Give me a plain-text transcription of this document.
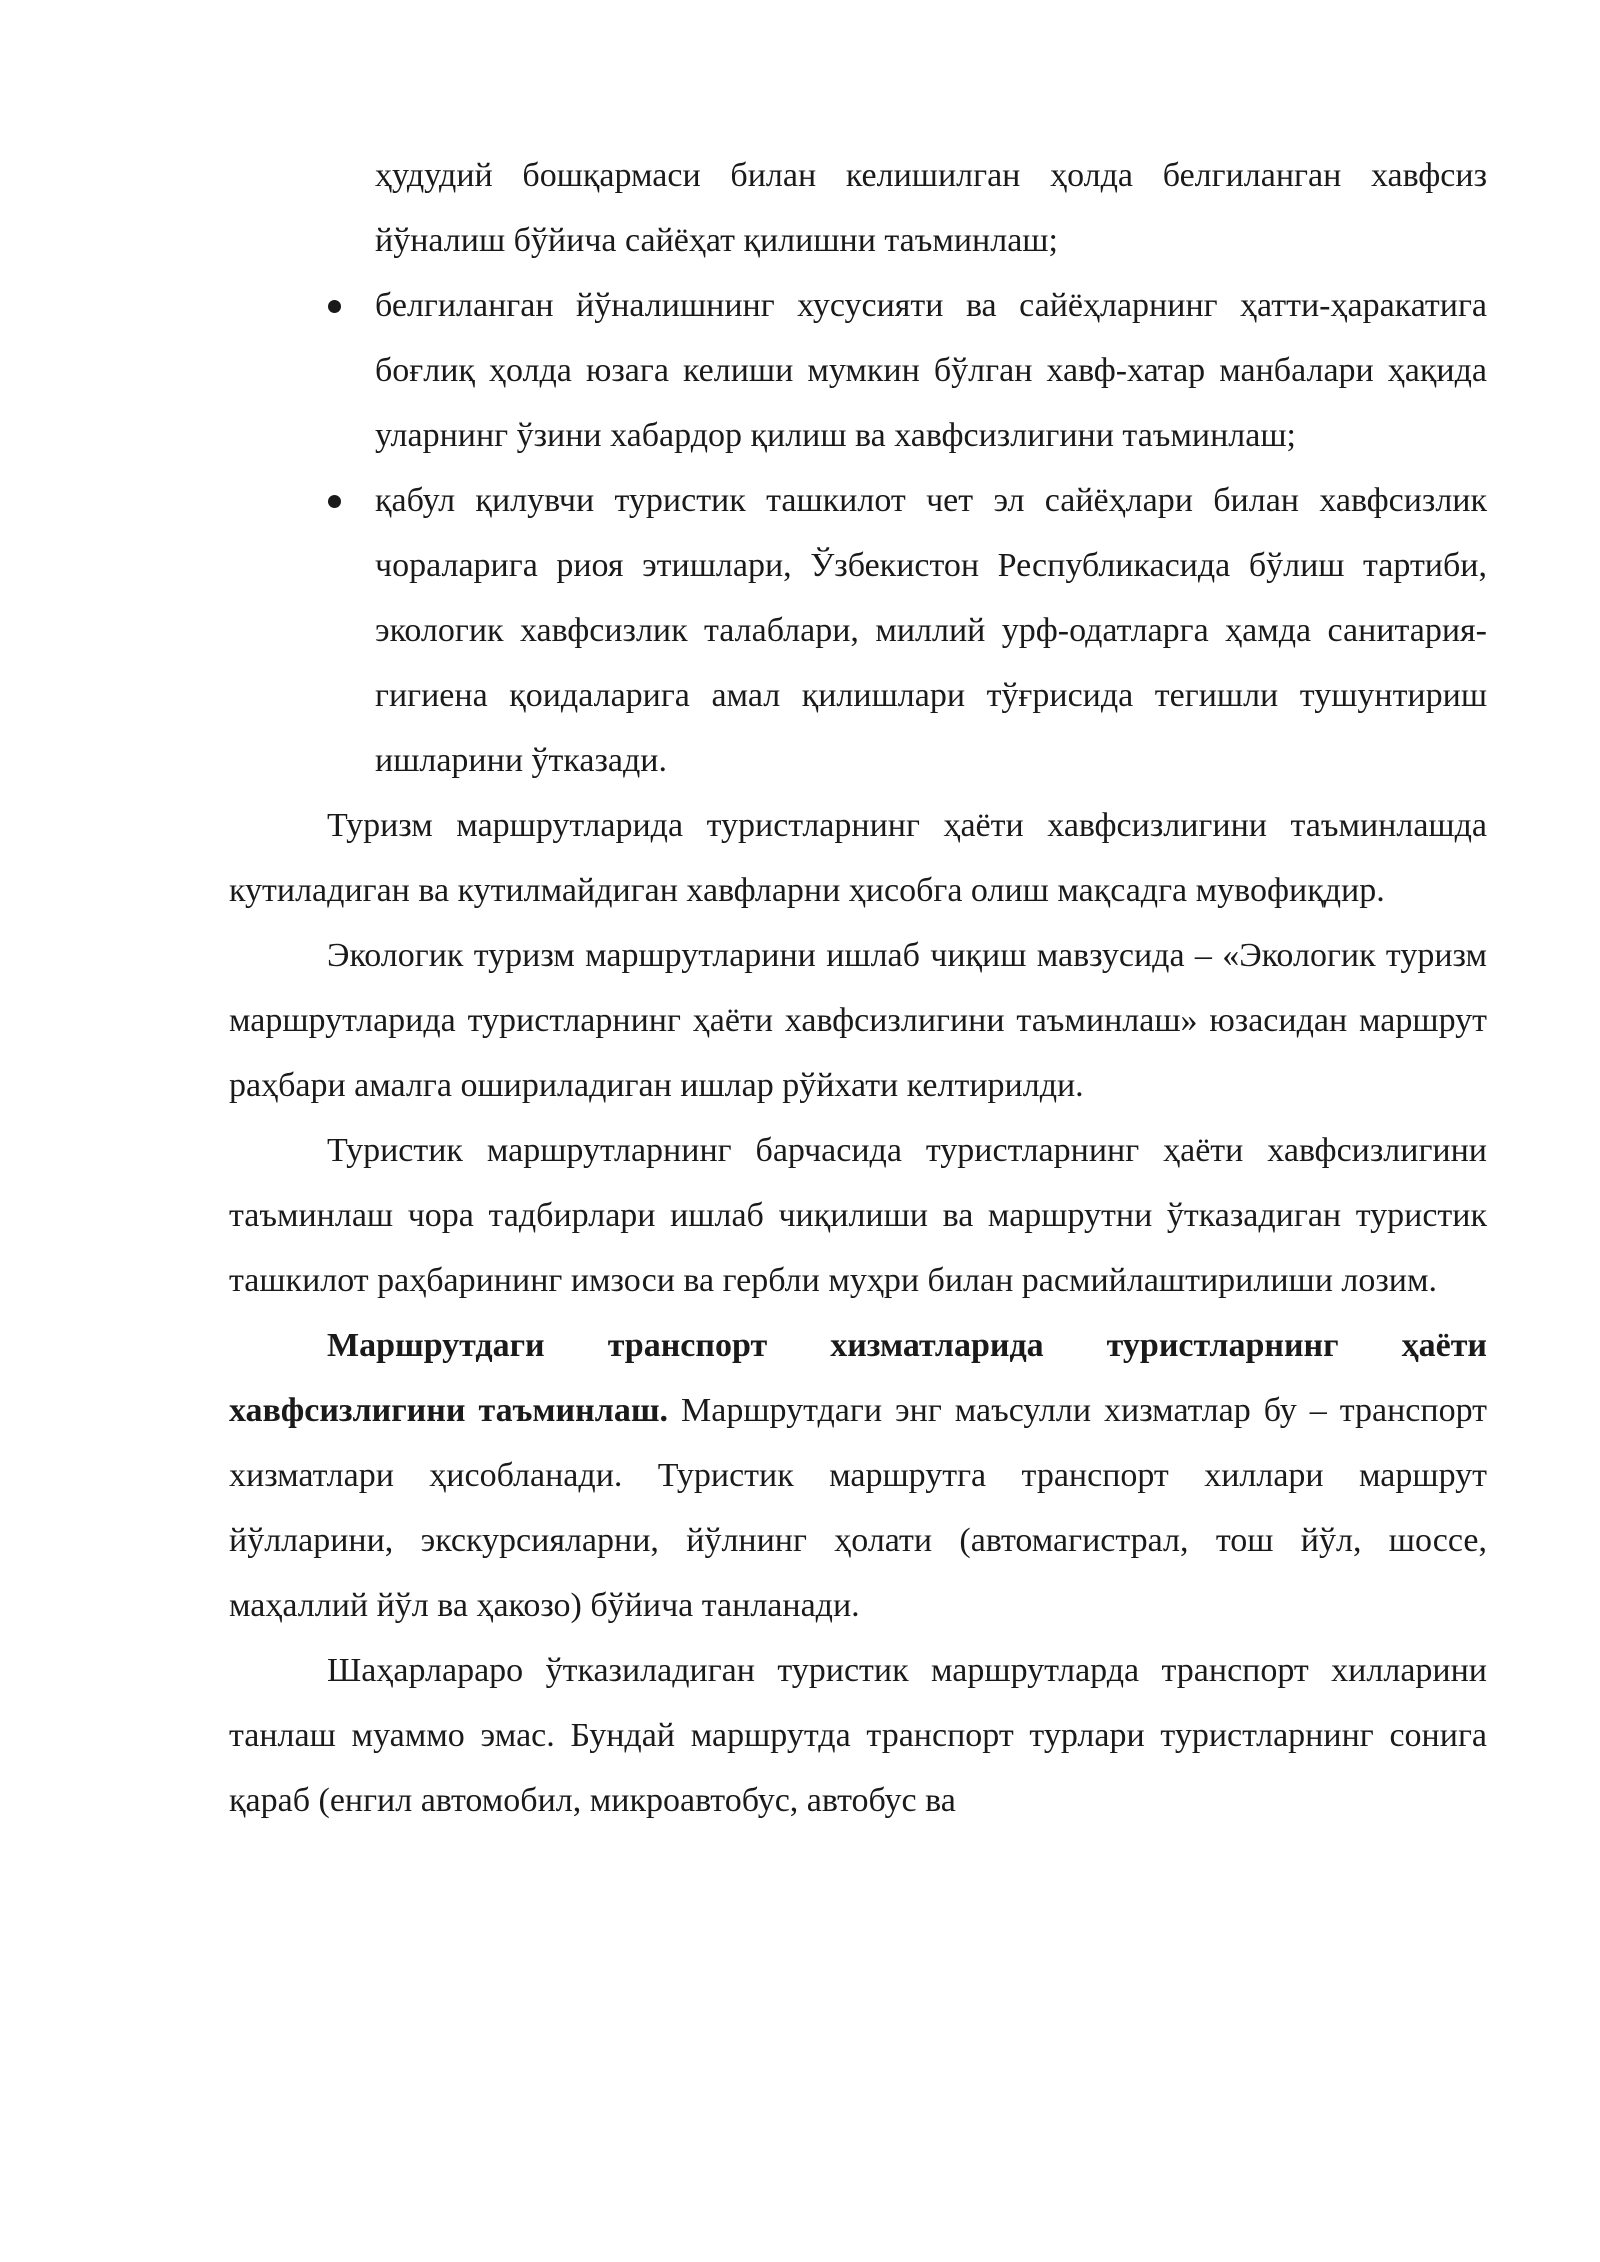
ҳудудий бошқармаси билан келишилган ҳолда белгиланган хавфсиз йўналиш бўйича сайёҳат қилишни таъминлаш;

белгиланган йўналишнинг хусусияти ва сайёҳларнинг ҳатти-ҳаракатига боғлиқ ҳолда юзага келиши мумкин бўлган хавф-хатар манбалари ҳақида уларнинг ўзини хабардор қилиш ва хавфсизлигини таъминлаш;
қабул қилувчи туристик ташкилот чет эл сайёҳлари билан хавфсизлик чораларига риоя этишлари, Ўзбекистон Республикасида бўлиш тартиби, экологик хавфсизлик талаблари, миллий урф-одатларга ҳамда санитария-гигиена қоидаларига амал қилишлари тўғрисида тегишли тушунтириш ишларини ўтказади.

Туризм маршрутларида туристларнинг ҳаёти хавфсизлигини таъминлашда кутиладиган ва кутилмайдиган хавфларни ҳисобга олиш мақсадга мувофиқдир.

Экологик туризм маршрутларини ишлаб чиқиш мавзусида – «Экологик туризм маршрутларида туристларнинг ҳаёти хавфсизлигини таъминлаш» юзасидан маршрут раҳбари амалга ошириладиган ишлар рўйхати келтирилди.

Туристик маршрутларнинг барчасида туристларнинг ҳаёти хавфсизлигини таъминлаш чора тадбирлари ишлаб чиқилиши ва маршрутни ўтказадиган туристик ташкилот раҳбарининг имзоси ва гербли муҳри билан расмийлаштирилиши лозим.

Маршрутдаги транспорт хизматларида туристларнинг ҳаёти хавфсизлигини таъминлаш. Маршрутдаги энг маъсулли хизматлар бу – транспорт хизматлари ҳисобланади. Туристик маршрутга транспорт хиллари маршрут йўлларини, экскурсияларни, йўлнинг ҳолати (автомагистрал, тош йўл, шоссе, маҳаллий йўл ва ҳакозо) бўйича танланади.

Шаҳарлараро ўтказиладиган туристик маршрутларда транспорт хилларини танлаш муаммо эмас. Бундай маршрутда транспорт турлари туристларнинг сонига қараб (енгил автомобил, микроавтобус, автобус ва
